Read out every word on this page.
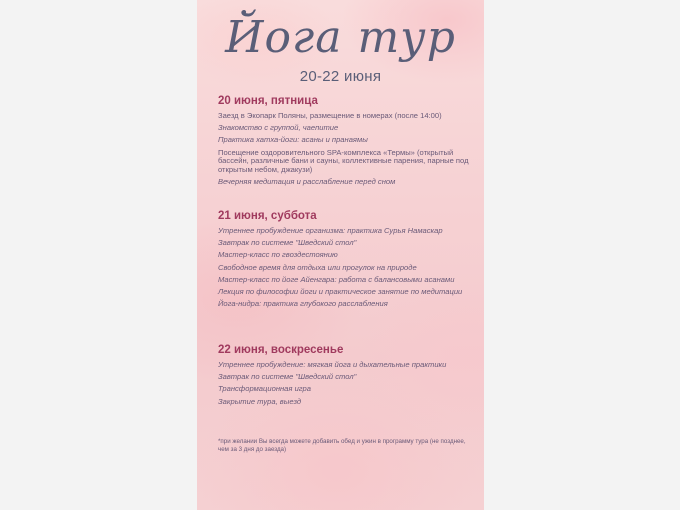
Йога тур
20-22 июня
20 июня, пятница
Заезд в Экопарк Поляны, размещение в номерах (после 14:00)
Знакомство с группой, чаепитие
Практика хатха-йоги: асаны и пранаямы
Посещение оздоровительного SPA-комплекса «Термы» (открытый бассейн, различные бани и сауны, коллективные парения, парные под открытым небом, джакузи)
Вечерняя медитация и расслабление перед сном
21 июня, суббота
Утреннее пробуждение организма: практика Сурья Намаскар
Завтрак по системе "Шведский стол"
Мастер-класс по гвоздестоянию
Свободное время для отдыха или прогулок на природе
Мастер-класс по йоге Айенгара: работа с балансовыми асанами
Лекция по философии йоги и практическое занятие по медитации
Йога-нидра: практика глубокого расслабления
22 июня, воскресенье
Утреннее пробуждение: мягкая йога и дыхательные практики
Завтрак по системе "Шведский стол"
Трансформационная игра
Закрытие тура, выезд
*при желании Вы всегда можете добавить обед и ужин в программу тура (не позднее, чем за 3 дня до заезда)
